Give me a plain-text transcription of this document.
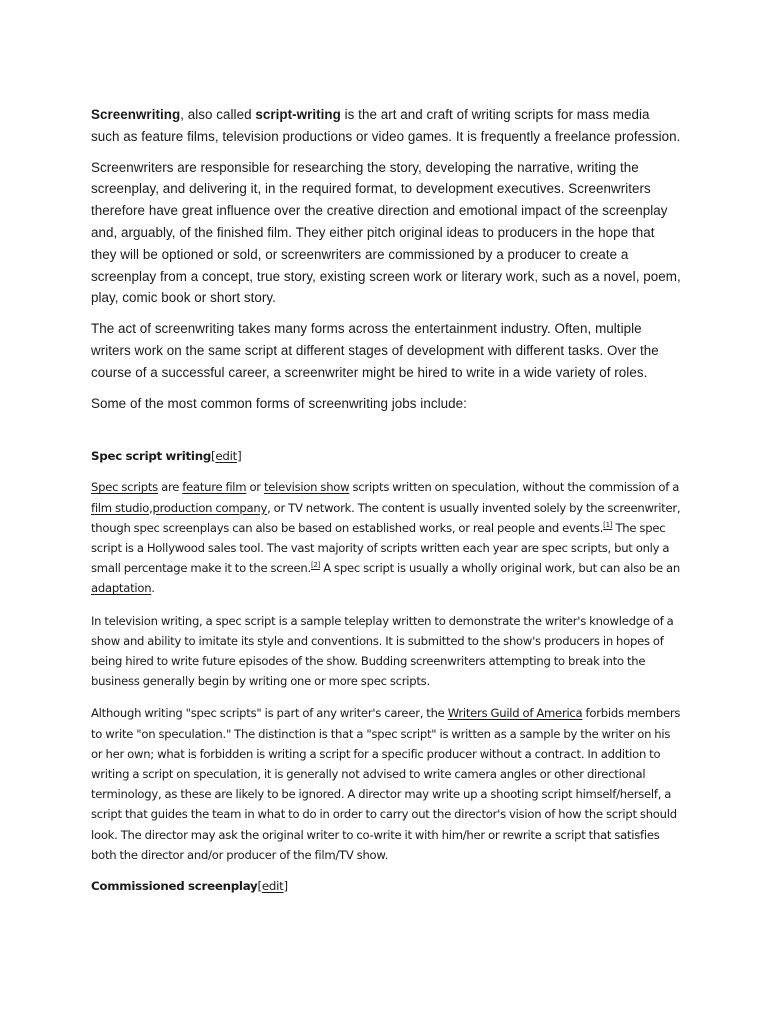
Screenwriting, also called script-writing is the art and craft of writing scripts for mass media such as feature films, television productions or video games. It is frequently a freelance profession.

Screenwriters are responsible for researching the story, developing the narrative, writing the screenplay, and delivering it, in the required format, to development executives. Screenwriters therefore have great influence over the creative direction and emotional impact of the screenplay and, arguably, of the finished film. They either pitch original ideas to producers in the hope that they will be optioned or sold, or screenwriters are commissioned by a producer to create a screenplay from a concept, true story, existing screen work or literary work, such as a novel, poem, play, comic book or short story.

The act of screenwriting takes many forms across the entertainment industry. Often, multiple writers work on the same script at different stages of development with different tasks. Over the course of a successful career, a screenwriter might be hired to write in a wide variety of roles.

Some of the most common forms of screenwriting jobs include:

Spec script writing[edit]

Spec scripts are feature film or television show scripts written on speculation, without the commission of a film studio,production company, or TV network. The content is usually invented solely by the screenwriter, though spec screenplays can also be based on established works, or real people and events.[1] The spec script is a Hollywood sales tool. The vast majority of scripts written each year are spec scripts, but only a small percentage make it to the screen.[2] A spec script is usually a wholly original work, but can also be an adaptation.

In television writing, a spec script is a sample teleplay written to demonstrate the writer's knowledge of a show and ability to imitate its style and conventions. It is submitted to the show's producers in hopes of being hired to write future episodes of the show. Budding screenwriters attempting to break into the business generally begin by writing one or more spec scripts.

Although writing "spec scripts" is part of any writer's career, the Writers Guild of America forbids members to write "on speculation." The distinction is that a "spec script" is written as a sample by the writer on his or her own; what is forbidden is writing a script for a specific producer without a contract. In addition to writing a script on speculation, it is generally not advised to write camera angles or other directional terminology, as these are likely to be ignored. A director may write up a shooting script himself/herself, a script that guides the team in what to do in order to carry out the director's vision of how the script should look. The director may ask the original writer to co-write it with him/her or rewrite a script that satisfies both the director and/or producer of the film/TV show.

Commissioned screenplay[edit]
